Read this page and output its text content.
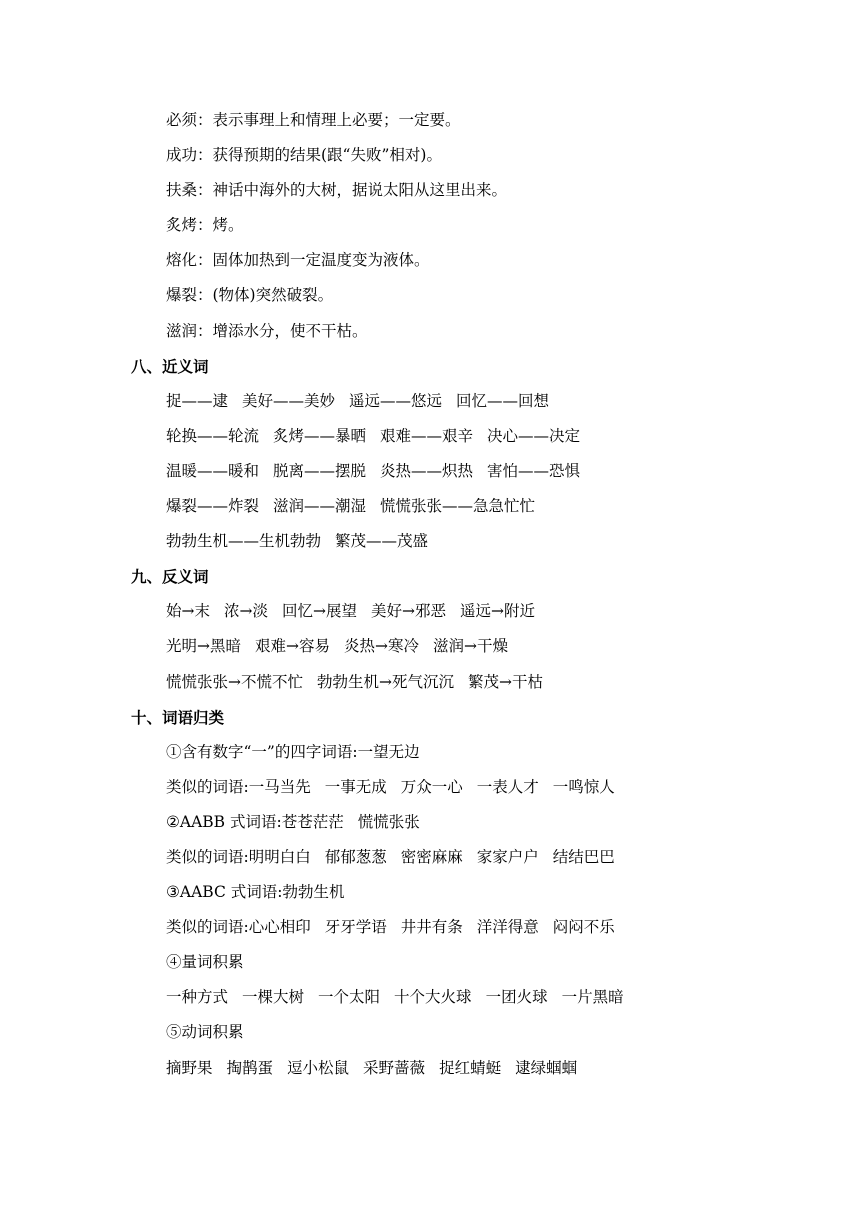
必须：表示事理上和情理上必要；一定要。
成功：获得预期的结果(跟“失败”相对)。
扶桑：神话中海外的大树，据说太阳从这里出来。
炙烤：烤。
熔化：固体加热到一定温度变为液体。
爆裂：(物体)突然破裂。
滋润：增添水分，使不干枯。
八、近义词
捉——逮 美好——美妙 遥远——悠远 回忆——回想
轮换——轮流 炙烤——暴晒 艰难——艰辛 决心——决定
温暖——暖和 脱离——摆脱 炎热——炽热 害怕——恐惧
爆裂——炸裂 滋润——潮湿 慌慌张张——急急忙忙
勃勃生机——生机勃勃 繁茂——茂盛
九、反义词
始→末 浓→淡 回忆→展望 美好→邪恶 遥远→附近
光明→黑暗 艰难→容易 炎热→寒冷 滋润→干燥
慌慌张张→不慌不忙 勃勃生机→死气沉沉 繁茂→干枯
十、词语归类
①含有数字“一”的四字词语:一望无边
类似的词语:一马当先 一事无成 万众一心 一表人才 一鸣惊人
②AABB 式词语:苍苍茫茫 慌慌张张
类似的词语:明明白白 郁郁葱葱 密密麻麻 家家户户 结结巴巴
③AABC 式词语:勃勃生机
类似的词语:心心相印 牙牙学语 井井有条 洋洋得意 闷闷不乐
④量词积累
一种方式 一棵大树 一个太阳 十个大火球 一团火球 一片黑暗
⑤动词积累
摘野果 掏鹊蛋 逗小松鼠 采野蔷薇 捉红蜻蜓 逮绿蝈蝈
